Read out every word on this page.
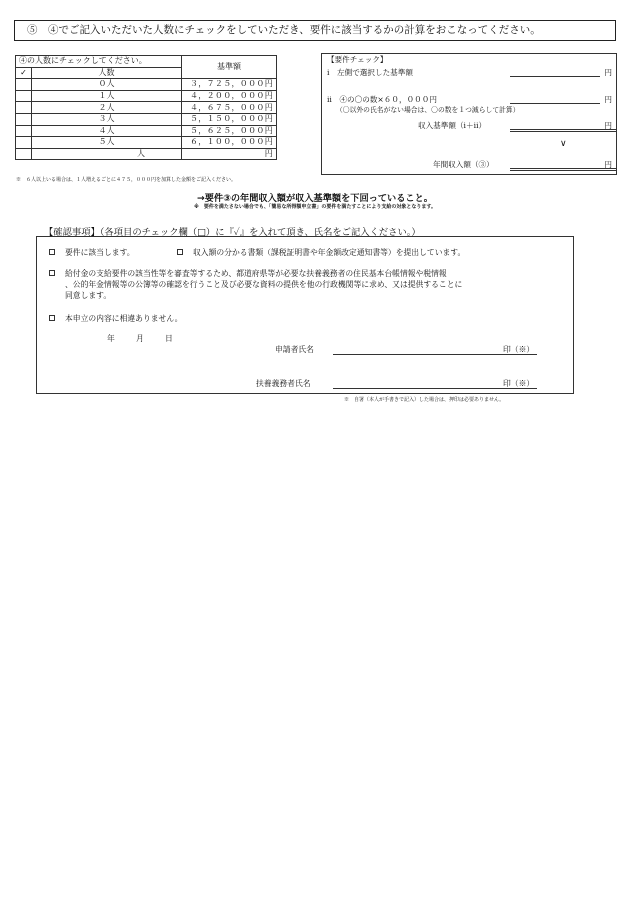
⑤　④でご記入いただいた人数にチェックをしていただき、要件に該当するかの計算をおこなってください。
④の人数にチェックしてください。		基準額
✓	人数	
	０人	３，７２５，０００円
	１人	４，２００，０００円
	２人	４，６７５，０００円
	３人	５，１５０，０００円
	４人	５，６２５，０００円
	５人	６，１００，０００円
	人	円
※　６人以上いる場合は、１人増えるごとに４７５，０００円を加算した金額をご記入ください。
【要件チェック】
ⅰ　左側で選択した基準額	円
ⅱ　④の〇の数×６０，０００円
（〇以外の氏名がない場合は、〇の数を１つ減らして計算）
円
収入基準額（ⅰ＋ⅱ）	円
∨
年間収入額（③）	円
→要件③の年間収入額が収入基準額を下回っていること。
※　要件を満たさない場合でも、「簡易な所得額申立書」の要件を満たすことにより支給の対象となります。
【確認事項】（各項目のチェック欄（□）に『✓』を入れて頂き、氏名をご記入ください。）
要件に該当します。	収入額の分かる書類（課税証明書や年金額改定通知書等）を提出しています。
給付金の支給要件の該当性等を審査等するため、都道府県等が必要な扶養義務者の住民基本台帳情報や税情報
、公的年金情報等の公簿等の確認を行うこと及び必要な資料の提供を他の行政機関等に求め、又は提供することに
同意します。
本申立の内容に相違ありません。
年	月	日
申請者氏名	印（※）
扶養義務者氏名	印（※）
※　自署（本人が手書きで記入）した場合は、押印は必要ありません。
